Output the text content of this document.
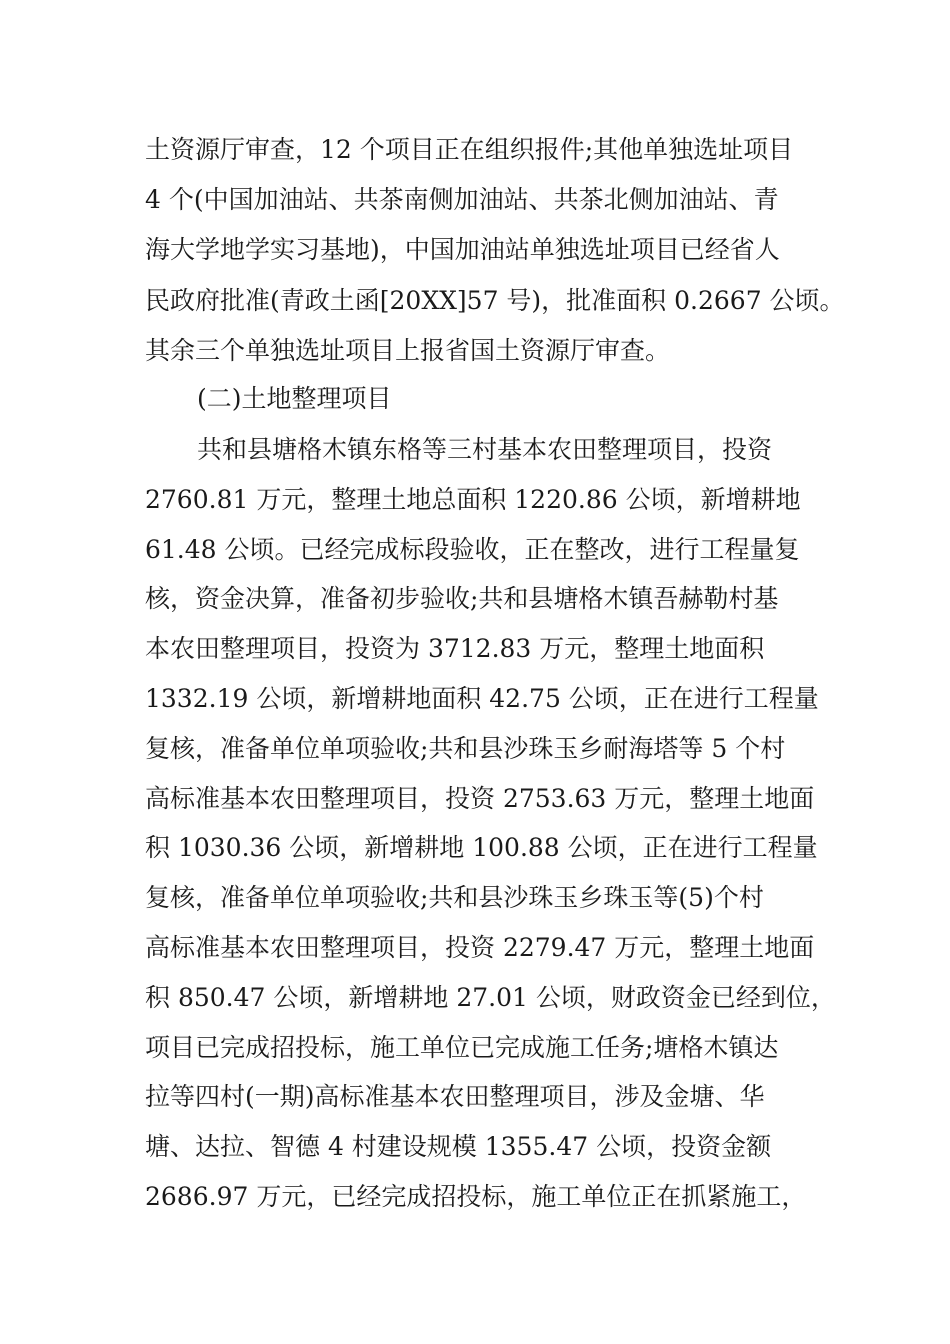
土资源厅审查，12 个项目正在组织报件;其他单独选址项目
4 个(中国加油站、共茶南侧加油站、共茶北侧加油站、青
海大学地学实习基地)，中国加油站单独选址项目已经省人
民政府批准(青政土函[20XX]57 号)，批准面积 0.2667 公顷。
其余三个单独选址项目上报省国土资源厅审查。
(二)土地整理项目
共和县塘格木镇东格等三村基本农田整理项目，投资
2760.81 万元，整理土地总面积 1220.86 公顷，新增耕地
61.48 公顷。已经完成标段验收，正在整改，进行工程量复
核，资金决算，准备初步验收;共和县塘格木镇吾赫勒村基
本农田整理项目，投资为 3712.83 万元，整理土地面积
1332.19 公顷，新增耕地面积 42.75 公顷，正在进行工程量
复核，准备单位单项验收;共和县沙珠玉乡耐海塔等 5 个村
高标准基本农田整理项目，投资 2753.63 万元，整理土地面
积 1030.36 公顷，新增耕地 100.88 公顷，正在进行工程量
复核，准备单位单项验收;共和县沙珠玉乡珠玉等(5)个村
高标准基本农田整理项目，投资 2279.47 万元，整理土地面
积 850.47 公顷，新增耕地 27.01 公顷，财政资金已经到位，
项目已完成招投标，施工单位已完成施工任务;塘格木镇达
拉等四村(一期)高标准基本农田整理项目，涉及金塘、华
塘、达拉、智德 4 村建设规模 1355.47 公顷，投资金额
2686.97 万元，已经完成招投标，施工单位正在抓紧施工，
